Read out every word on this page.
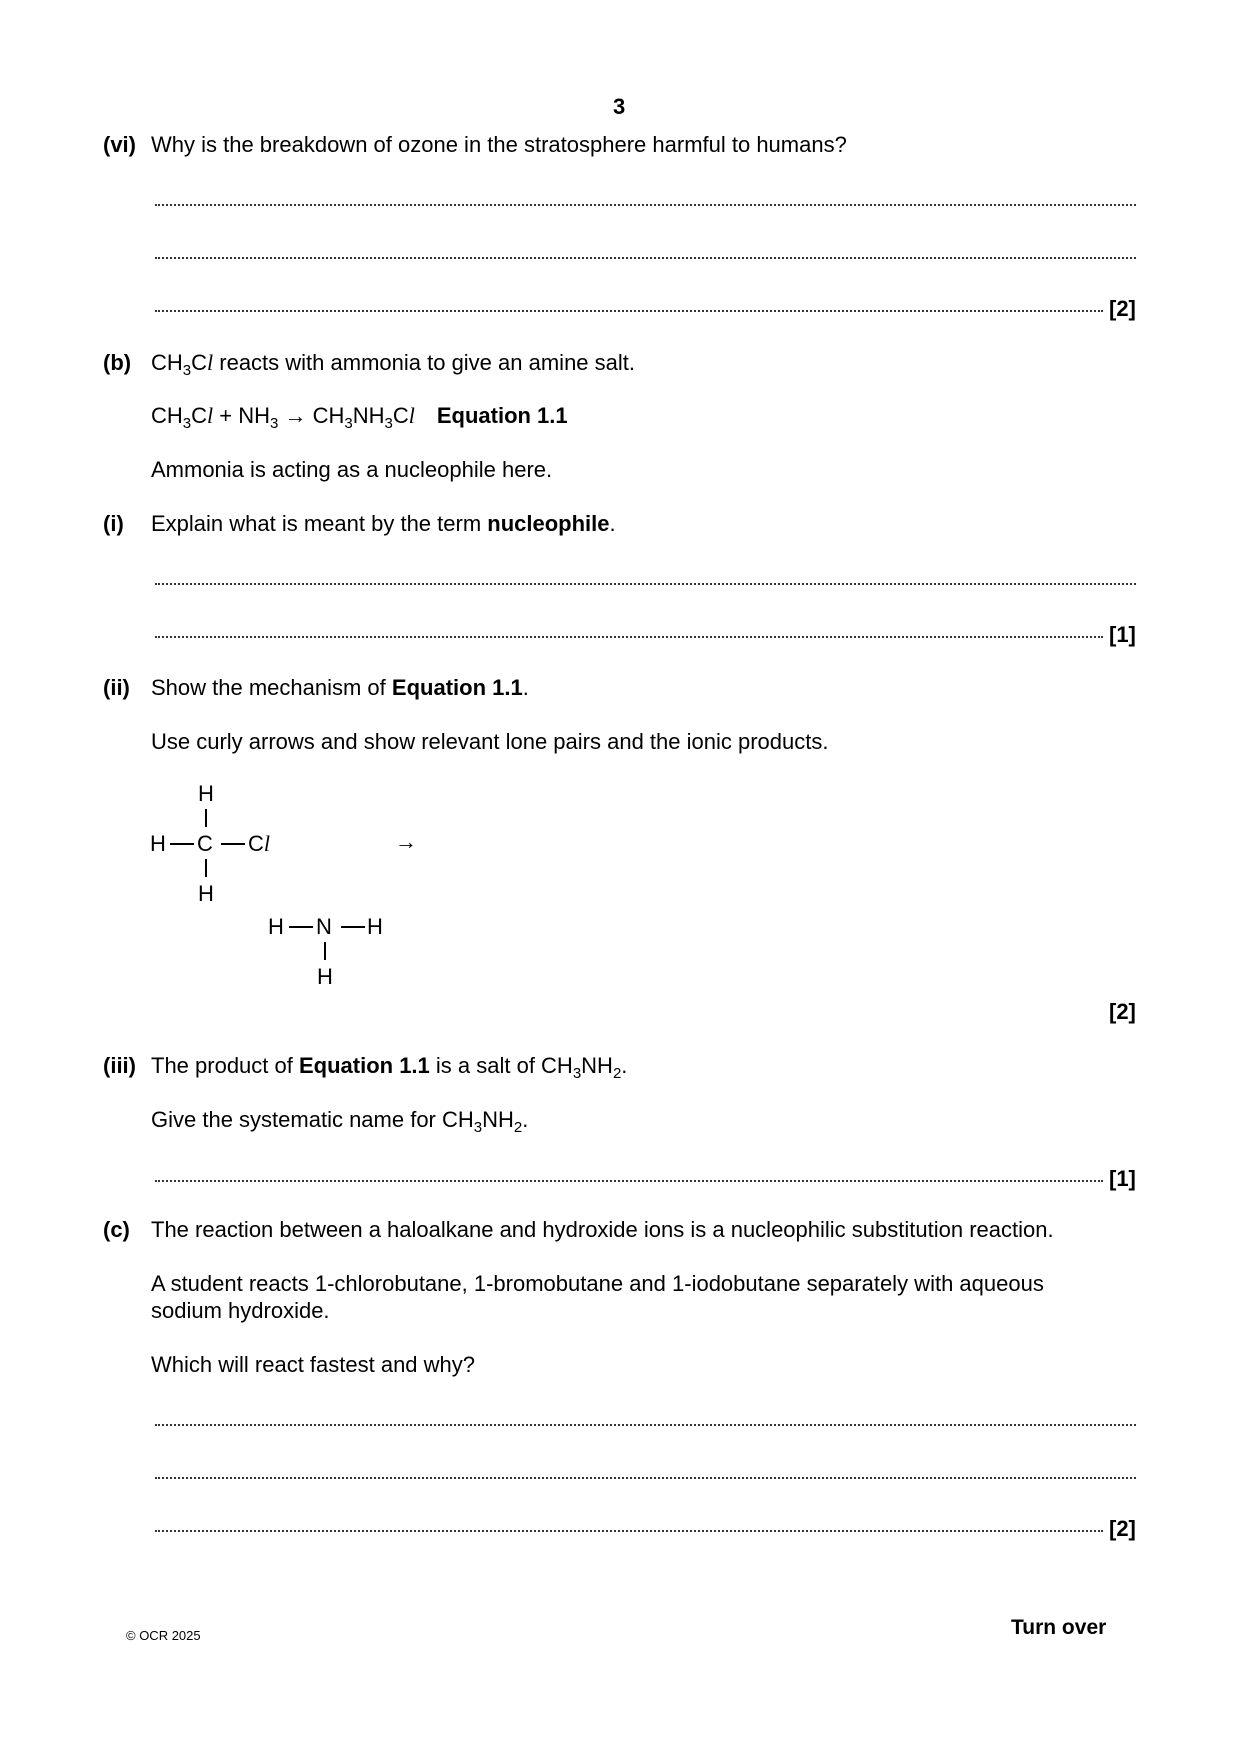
3
(vi) Why is the breakdown of ozone in the stratosphere harmful to humans?
[2]
(b) $CH_3Cl$ reacts with ammonia to give an amine salt.
$CH_3Cl + NH_3 \to CH_3NH_3Cl$ Equation 1.1
Ammonia is acting as a nucleophile here.
(i) Explain what is meant by the term nucleophile.
[1]
(ii) Show the mechanism of Equation 1.1.
Use curly arrows and show relevant lone pairs and the ionic products.
H
H C Cl
H
→
H N H
H
[2]
(iii) The product of Equation 1.1 is a salt of $CH_3NH_2$.
Give the systematic name for $CH_3NH_2$.
[1]
(c) The reaction between a haloalkane and hydroxide ions is a nucleophilic substitution reaction.
A student reacts 1-chlorobutane, 1-bromobutane and 1-iodobutane separately with aqueous
sodium hydroxide.
Which will react fastest and why?
[2]
© OCR 2025	Turn over
